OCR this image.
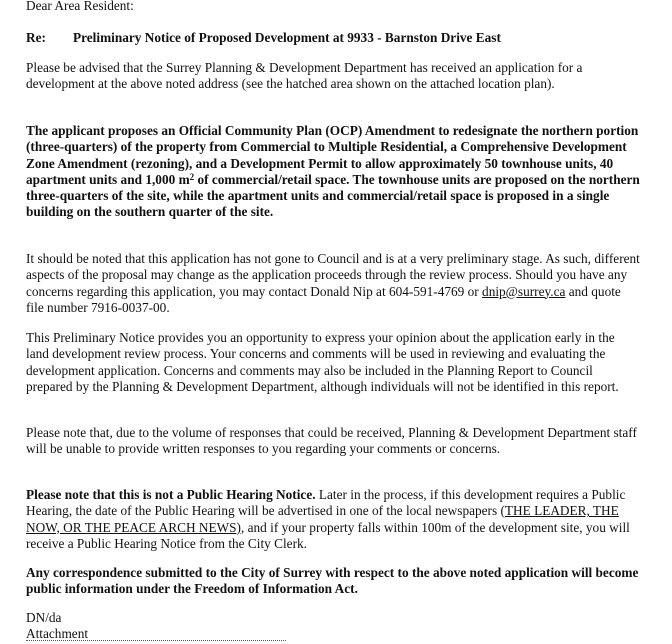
Dear Area Resident:

Re: Preliminary Notice of Proposed Development at 9933 - Barnston Drive East

Please be advised that the Surrey Planning & Development Department has received an application for a development at the above noted address (see the hatched area shown on the attached location plan).

The applicant proposes an Official Community Plan (OCP) Amendment to redesignate the northern portion (three-quarters) of the property from Commercial to Multiple Residential, a Comprehensive Development Zone Amendment (rezoning), and a Development Permit to allow approximately 50 townhouse units, 40 apartment units and 1,000 $m^2$ of commercial/retail space. The townhouse units are proposed on the northern three-quarters of the site, while the apartment units and commercial/retail space is proposed in a single building on the southern quarter of the site.

It should be noted that this application has not gone to Council and is at a very preliminary stage. As such, different aspects of the proposal may change as the application proceeds through the review process. Should you have any concerns regarding this application, you may contact Donald Nip at 604-591-4769 or dnip@surrey.ca and quote file number 7916-0037-00.

This Preliminary Notice provides you an opportunity to express your opinion about the application early in the land development review process. Your concerns and comments will be used in reviewing and evaluating the development application. Concerns and comments may also be included in the Planning Report to Council prepared by the Planning & Development Department, although individuals will not be identified in this report.

Please note that, due to the volume of responses that could be received, Planning & Development Department staff will be unable to provide written responses to you regarding your comments or concerns.

Please note that this is not a Public Hearing Notice. Later in the process, if this development requires a Public Hearing, the date of the Public Hearing will be advertised in one of the local newspapers (THE LEADER, THE NOW, OR THE PEACE ARCH NEWS), and if your property falls within 100m of the development site, you will receive a Public Hearing Notice from the City Clerk.

Any correspondence submitted to the City of Surrey with respect to the above noted application will become public information under the Freedom of Information Act.

DN/da

Attachment
